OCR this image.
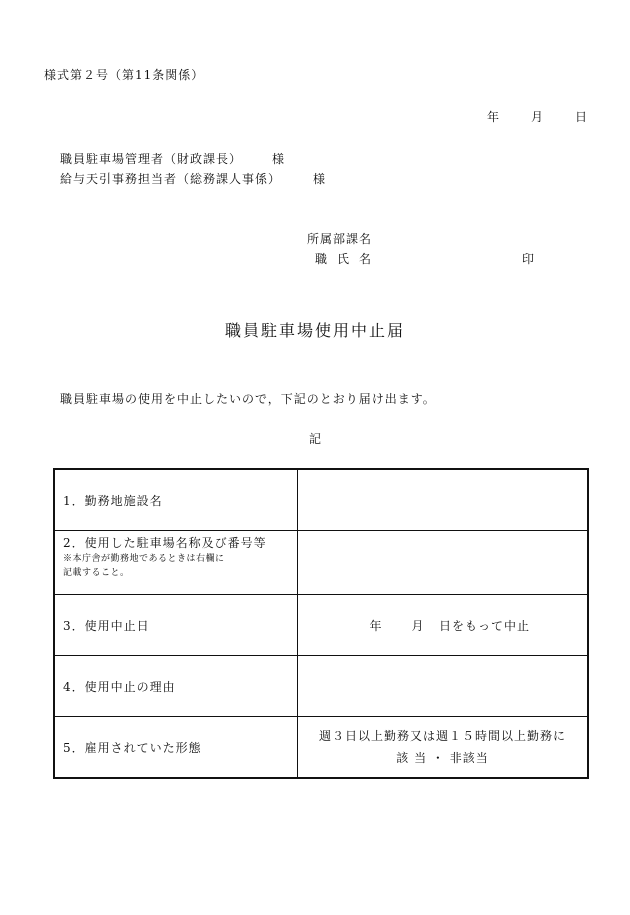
様式第２号（第11条関係）
年	月	日
職員駐車場管理者（財政課長） 様
給与天引事務担当者（総務課人事係）	様
所属部課名
職氏名	印
職員駐車場使用中止届
職員駐車場の使用を中止したいので，下記のとおり届け出ます。
記
1．勤務地施設名	

2．使用した駐車場名称及び番号等
※本庁舎が勤務地であるときは右欄に
記載すること。	

3．使用中止日	年 月 日をもって中止
4．使用中止の理由	
5．雇用されていた形態	週３日以上勤務又は週１５時間以上勤務に
該 当 ・ 非該当
